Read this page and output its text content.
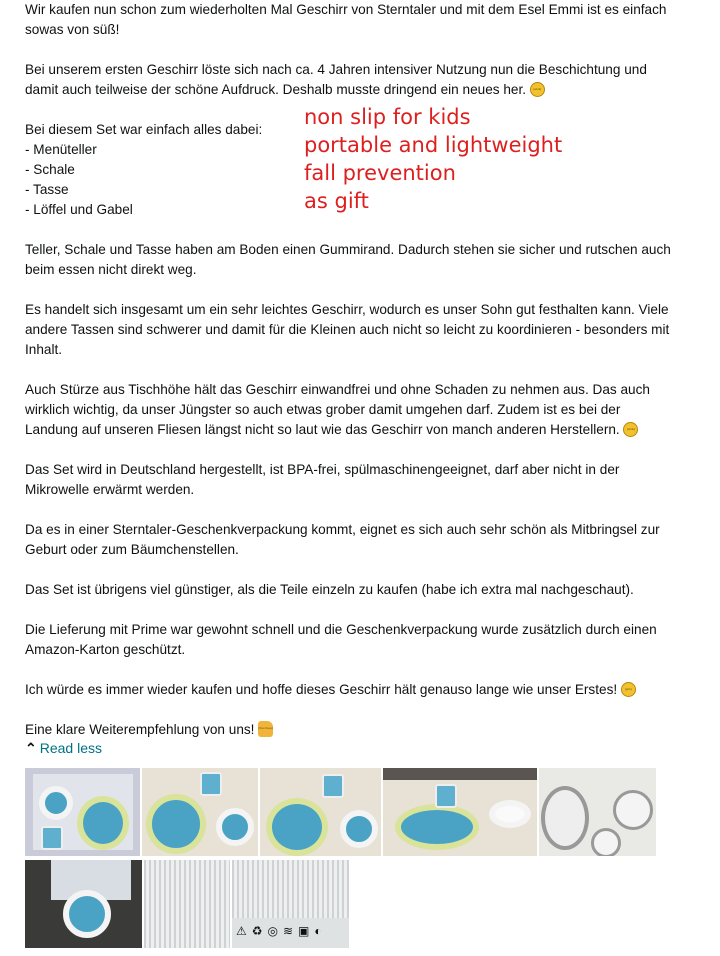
Wir kaufen nun schon zum wiederholten Mal Geschirr von Sterntaler und mit dem Esel Emmi ist es einfach
sowas von süß!
Bei unserem ersten Geschirr löste sich nach ca. 4 Jahren intensiver Nutzung nun die Beschichtung und
damit auch teilweise der schöne Aufdruck. Deshalb musste dringend ein neues her. [wink]
Bei diesem Set war einfach alles dabei:
- Menüteller
- Schale
- Tasse
- Löffel und Gabel
Teller, Schale und Tasse haben am Boden einen Gummirand. Dadurch stehen sie sicher und rutschen auch
beim essen nicht direkt weg.
Es handelt sich insgesamt um ein sehr leichtes Geschirr, wodurch es unser Sohn gut festhalten kann. Viele
andere Tassen sind schwerer und damit für die Kleinen auch nicht so leicht zu koordinieren - besonders mit
Inhalt.
Auch Stürze aus Tischhöhe hält das Geschirr einwandfrei und ohne Schaden zu nehmen aus. Das auch
wirklich wichtig, da unser Jüngster so auch etwas grober damit umgehen darf. Zudem ist es bei der
Landung auf unseren Fliesen längst nicht so laut wie das Geschirr von manch anderen Herstellern. [wink]
Das Set wird in Deutschland hergestellt, ist BPA-frei, spülmaschinengeeignet, darf aber nicht in der
Mikrowelle erwärmt werden.
Da es in einer Sterntaler-Geschenkverpackung kommt, eignet es sich auch sehr schön als Mitbringsel zur
Geburt oder zum Bäumchenstellen.
Das Set ist übrigens viel günstiger, als die Teile einzeln zu kaufen (habe ich extra mal nachgeschaut).
Die Lieferung mit Prime war gewohnt schnell und die Geschenkverpackung wurde zusätzlich durch einen
Amazon-Karton geschützt.
Ich würde es immer wieder kaufen und hoffe dieses Geschirr hält genauso lange wie unser Erstes! [grin]
Eine klare Weiterempfehlung von uns! [thumbsup]
non slip for kids
portable and lightweight
fall prevention
as gift
⌃ Read less
⚠♻◎≋▣◐
